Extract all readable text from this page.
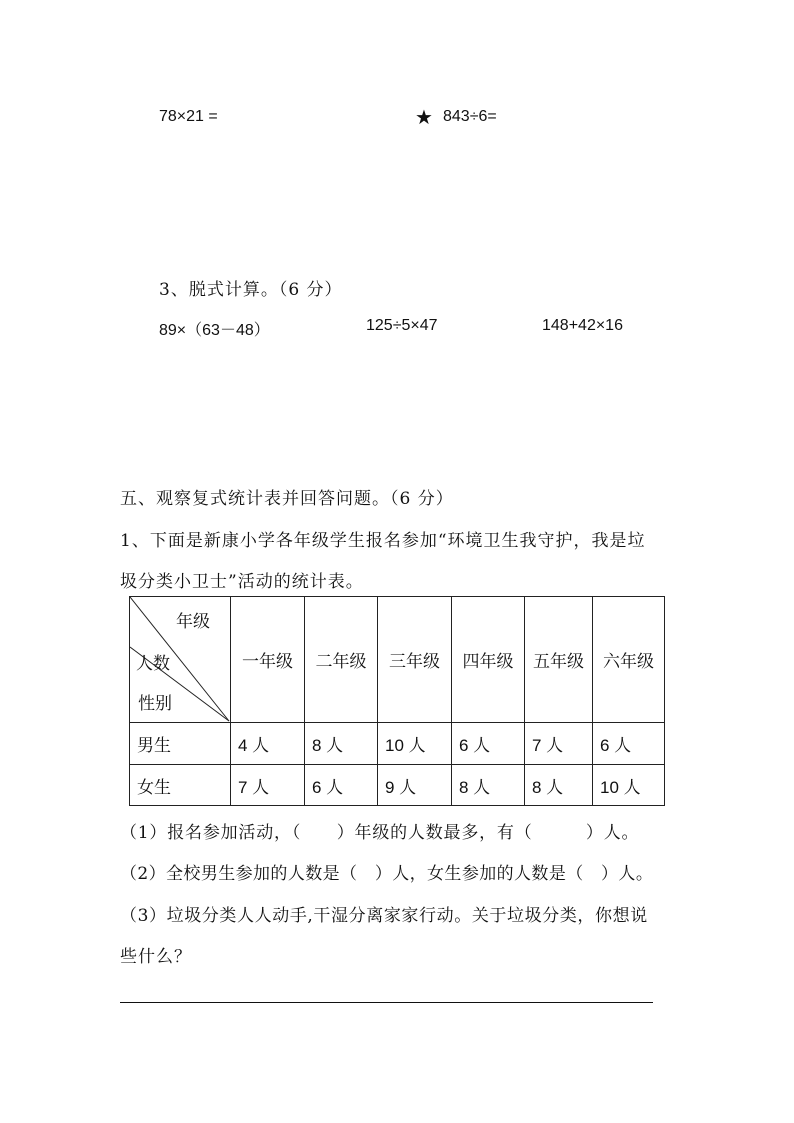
78×21 =	★ 843÷6=
3、脱式计算。（6 分）
89×（63－48）	125÷5×47	148+42×16
五、观察复式统计表并回答问题。（6 分）
1、下面是新康小学各年级学生报名参加“环境卫生我守护，我是垃
圾分类小卫士”活动的统计表。
年级
人数
性别	一年级	二年级	三年级	四年级	五年级	六年级
男生	4 人	8 人	10 人	6 人	7 人	6 人
女生	7 人	6 人	9 人	8 人	8 人	10 人
（1）报名参加活动，（　　）年级的人数最多，有（　　　）人。
（2）全校男生参加的人数是（　）人，女生参加的人数是（　）人。
（3）垃圾分类人人动手,干湿分离家家行动。关于垃圾分类，你想说
些什么？
